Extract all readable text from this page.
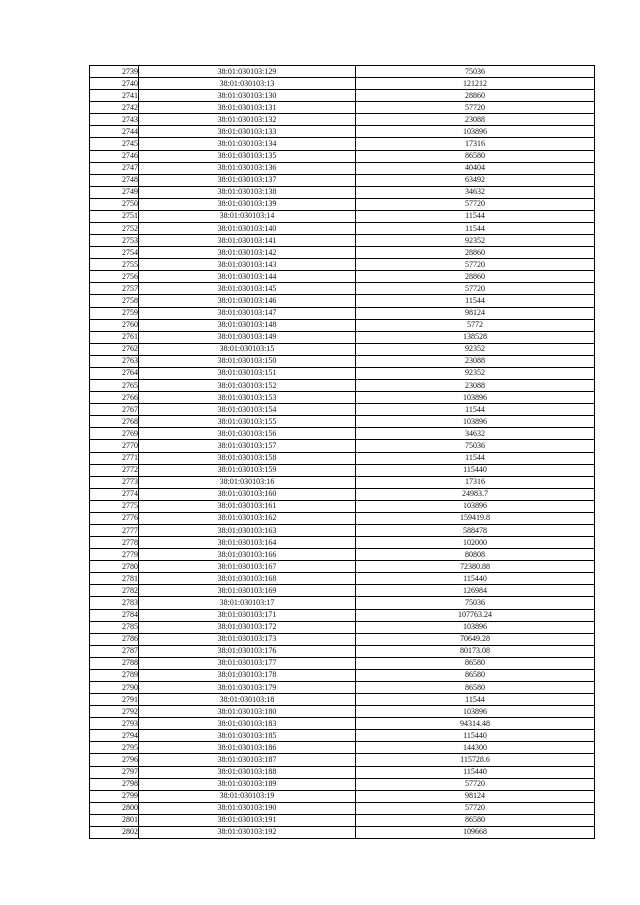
2739	38:01:030103:129	75036
2740	38:01:030103:13	121212
2741	38:01:030103:130	28860
2742	38:01:030103:131	57720
2743	38:01:030103:132	23088
2744	38:01:030103:133	103896
2745	38:01:030103:134	17316
2746	38:01:030103:135	86580
2747	38:01:030103:136	40404
2748	38:01:030103:137	63492
2749	38:01:030103:138	34632
2750	38:01:030103:139	57720
2751	38:01:030103:14	11544
2752	38:01:030103:140	11544
2753	38:01:030103:141	92352
2754	38:01:030103:142	28860
2755	38:01:030103:143	57720
2756	38:01:030103:144	28860
2757	38:01:030103:145	57720
2758	38:01:030103:146	11544
2759	38:01:030103:147	98124
2760	38:01:030103:148	5772
2761	38:01:030103:149	138528
2762	38:01:030103:15	92352
2763	38:01:030103:150	23088
2764	38:01:030103:151	92352
2765	38:01:030103:152	23088
2766	38:01:030103:153	103896
2767	38:01:030103:154	11544
2768	38:01:030103:155	103896
2769	38:01:030103:156	34632
2770	38:01:030103:157	75036
2771	38:01:030103:158	11544
2772	38:01:030103:159	115440
2773	38:01:030103:16	17316
2774	38:01:030103:160	24983.7
2775	38:01:030103:161	103896
2776	38:01:030103:162	159419.8
2777	38:01:030103:163	588478
2778	38:01:030103:164	102000
2779	38:01:030103:166	80808
2780	38:01:030103:167	72380.88
2781	38:01:030103:168	115440
2782	38:01:030103:169	126984
2783	38:01:030103:17	75036
2784	38:01:030103:171	107763.24
2785	38:01:030103:172	103896
2786	38:01:030103:173	70649.28
2787	38:01:030103:176	80173.08
2788	38:01:030103:177	86580
2789	38:01:030103:178	86580
2790	38:01:030103:179	86580
2791	38:01:030103:18	11544
2792	38:01:030103:180	103896
2793	38:01:030103:183	94314.48
2794	38:01:030103:185	115440
2795	38:01:030103:186	144300
2796	38:01:030103:187	115728.6
2797	38:01:030103:188	115440
2798	38:01:030103:189	57720
2799	38:01:030103:19	98124
2800	38:01:030103:190	57720
2801	38:01:030103:191	86580
2802	38:01:030103:192	109668
